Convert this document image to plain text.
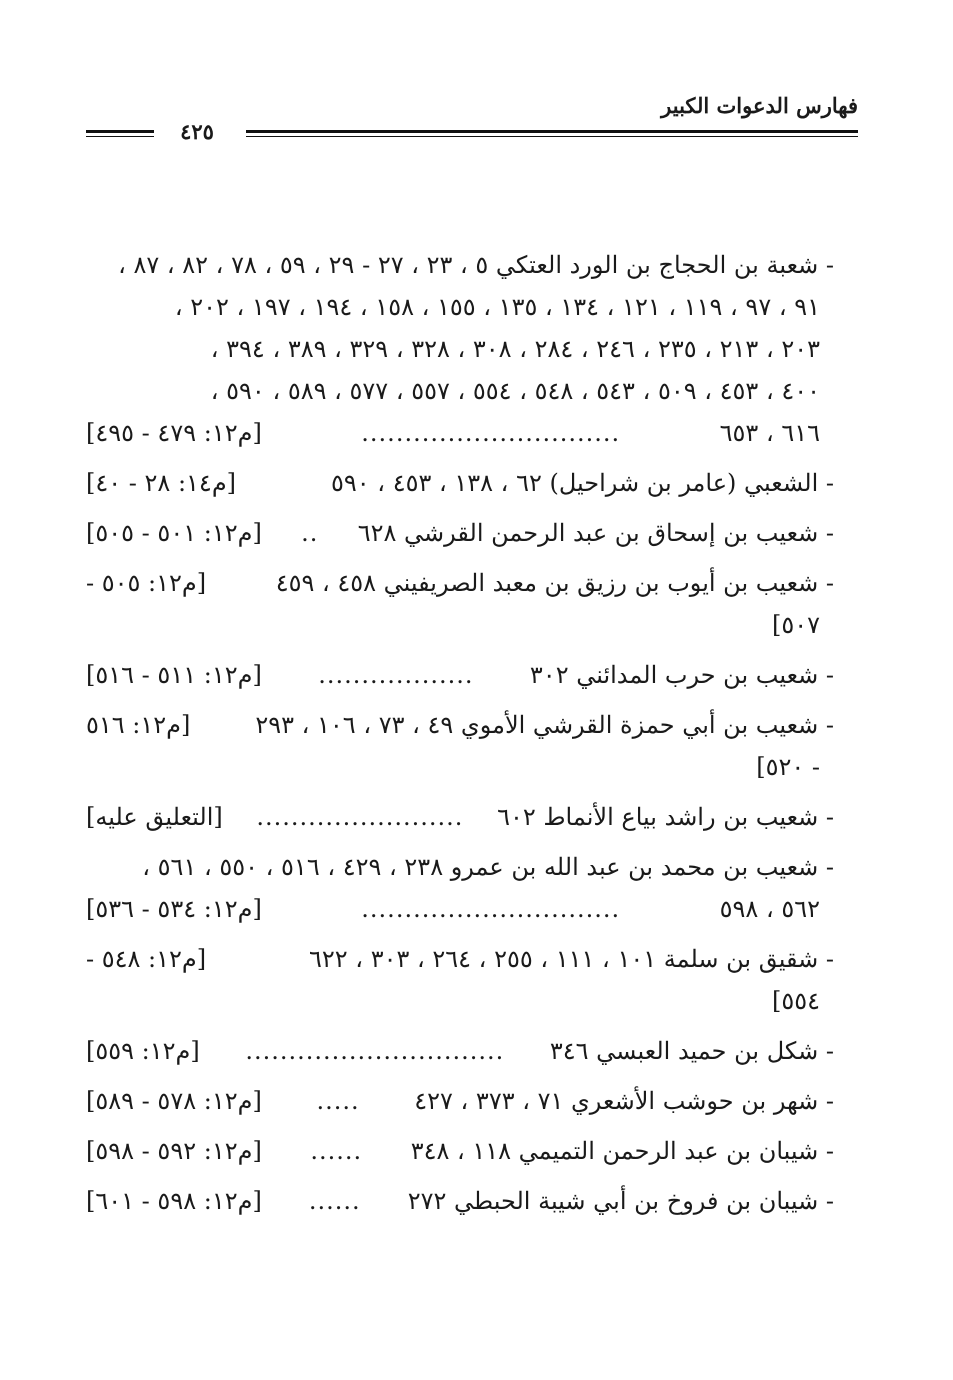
فهارس الدعوات الكبير
٤٢٥
- شعبة بن الحجاج بن الورد العتكي ٥ ، ٢٣ ، ٢٧ - ٢٩ ، ٥٩ ، ٧٨ ، ٨٢ ، ٨٧ ،
٩١ ، ٩٧ ، ١١٩ ، ١٢١ ، ١٣٤ ، ١٣٥ ، ١٥٥ ، ١٥٨ ، ١٩٤ ، ١٩٧ ، ٢٠٢ ،
٢٠٣ ، ٢١٣ ، ٢٣٥ ، ٢٤٦ ، ٢٨٤ ، ٣٠٨ ، ٣٢٨ ، ٣٢٩ ، ٣٨٩ ، ٣٩٤ ،
٤٠٠ ، ٤٥٣ ، ٥٠٩ ، ٥٤٣ ، ٥٤٨ ، ٥٥٤ ، ٥٥٧ ، ٥٧٧ ، ٥٨٩ ، ٥٩٠ ،
٦١٦ ، ٦٥٣
..............................
[م١٢: ٤٧٩ - ٤٩٥]
- الشعبي (عامر بن شراحيل) ٦٢ ، ١٣٨ ، ٤٥٣ ، ٥٩٠
[م١٤: ٢٨ - ٤٠]
- شعيب بن إسحاق بن عبد الرحمن القرشي ٦٢٨
..
[م١٢: ٥٠١ - ٥٠٥]
- شعيب بن أيوب بن رزيق بن معبد الصريفيني ٤٥٨ ، ٤٥٩
[م١٢: ٥٠٥ -
٥٠٧]
- شعيب بن حرب المدائني ٣٠٢
..................
[م١٢: ٥١١ - ٥١٦]
- شعيب بن أبي حمزة القرشي الأموي ٤٩ ، ٧٣ ، ١٠٦ ، ٢٩٣
[م١٢: ٥١٦
- ٥٢٠]
- شعيب بن راشد بياع الأنماط ٦٠٢
........................
[التعليق عليه]
- شعيب بن محمد بن عبد الله بن عمرو ٢٣٨ ، ٤٢٩ ، ٥١٦ ، ٥٥٠ ، ٥٦١ ،
٥٦٢ ، ٥٩٨
..............................
[م١٢: ٥٣٤ - ٥٣٦]
- شقيق بن سلمة ١٠١ ، ١١١ ، ٢٥٥ ، ٢٦٤ ، ٣٠٣ ، ٦٢٢
[م١٢: ٥٤٨ -
٥٥٤]
- شكل بن حميد العبسي ٣٤٦
..............................
[م١٢: ٥٥٩]
- شهر بن حوشب الأشعري ٧١ ، ٣٧٣ ، ٤٢٧
.....
[م١٢: ٥٧٨ - ٥٨٩]
- شيبان بن عبد الرحمن التميمي ١١٨ ، ٣٤٨
......
[م١٢: ٥٩٢ - ٥٩٨]
- شيبان بن فروخ بن أبي شيبة الحبطي ٢٧٢
......
[م١٢: ٥٩٨ - ٦٠١]
